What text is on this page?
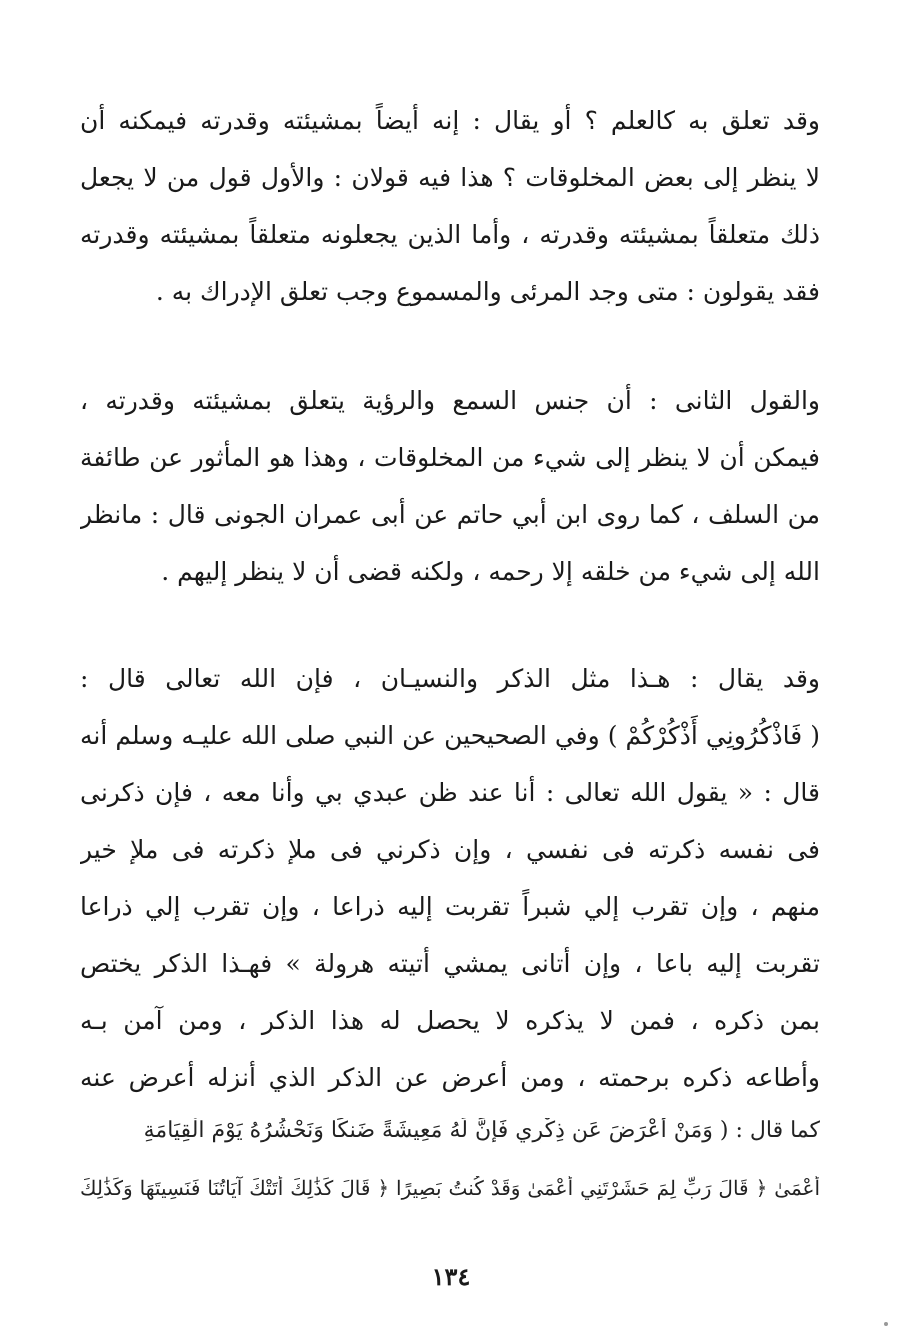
وقد تعلق به كالعلم ؟ أو يقال : إنه أيضاً بمشيئته وقدرته فيمكنه أن
لا ينظر إلى بعض المخلوقات ؟ هذا فيه قولان : والأول قول من لا يجعل
ذلك متعلقاً بمشيئته وقدرته ، وأما الذين يجعلونه متعلقاً بمشيئته وقدرته
فقد يقولون : متى وجد المرئى والمسموع وجب تعلق الإدراك به .
والقول الثانى : أن جنس السمع والرؤية يتعلق بمشيئته وقدرته ،
فيمكن أن لا ينظر إلى شيء من المخلوقات ، وهذا هو المأثور عن طائفة
من السلف ، كما روى ابن أبي حاتم عن أبى عمران الجونى قال : مانظر
الله إلى شيء من خلقه إلا رحمه ، ولكنه قضى أن لا ينظر إليهم .
وقد يقال : هـذا مثل الذكر والنسيـان ، فإن الله تعالى قال :
( فَاذْكُرُونِي أَذْكُرْكُمْ ) وفي الصحيحين عن النبي صلى الله عليـه وسلم أنه
قال : « يقول الله تعالى : أنا عند ظن عبدي بي وأنا معه ، فإن ذكرنى
فى نفسه ذكرته فى نفسي ، وإن ذكرني فى ملإ ذكرته فى ملإ خير
منهم ، وإن تقرب إلي شبراً تقربت إليه ذراعا ، وإن تقرب إلي ذراعا
تقربت إليه باعا ، وإن أتانى يمشي أتيته هرولة » فهـذا الذكر يختص
بمن ذكره ، فمن لا يذكره لا يحصل له هذا الذكر ، ومن آمن بـه
وأطاعه ذكره برحمته ، ومن أعرض عن الذكر الذي أنزله أعرض عنه
كما قال : ( وَمَنْ أَعْرَضَ عَن ذِكْرِي فَإِنَّ لَهُ مَعِيشَةً ضَنكًا وَنَحْشُرُهُ يَوْمَ الْقِيَامَةِ
أَعْمَىٰ ﴿ قَالَ رَبِّ لِمَ حَشَرْتَنِي أَعْمَىٰ وَقَدْ كُنتُ بَصِيرًا ﴿ قَالَ كَذَٰلِكَ أَتَتْكَ آيَاتُنَا فَنَسِيتَهَا وَكَذَٰلِكَ
١٣٤
